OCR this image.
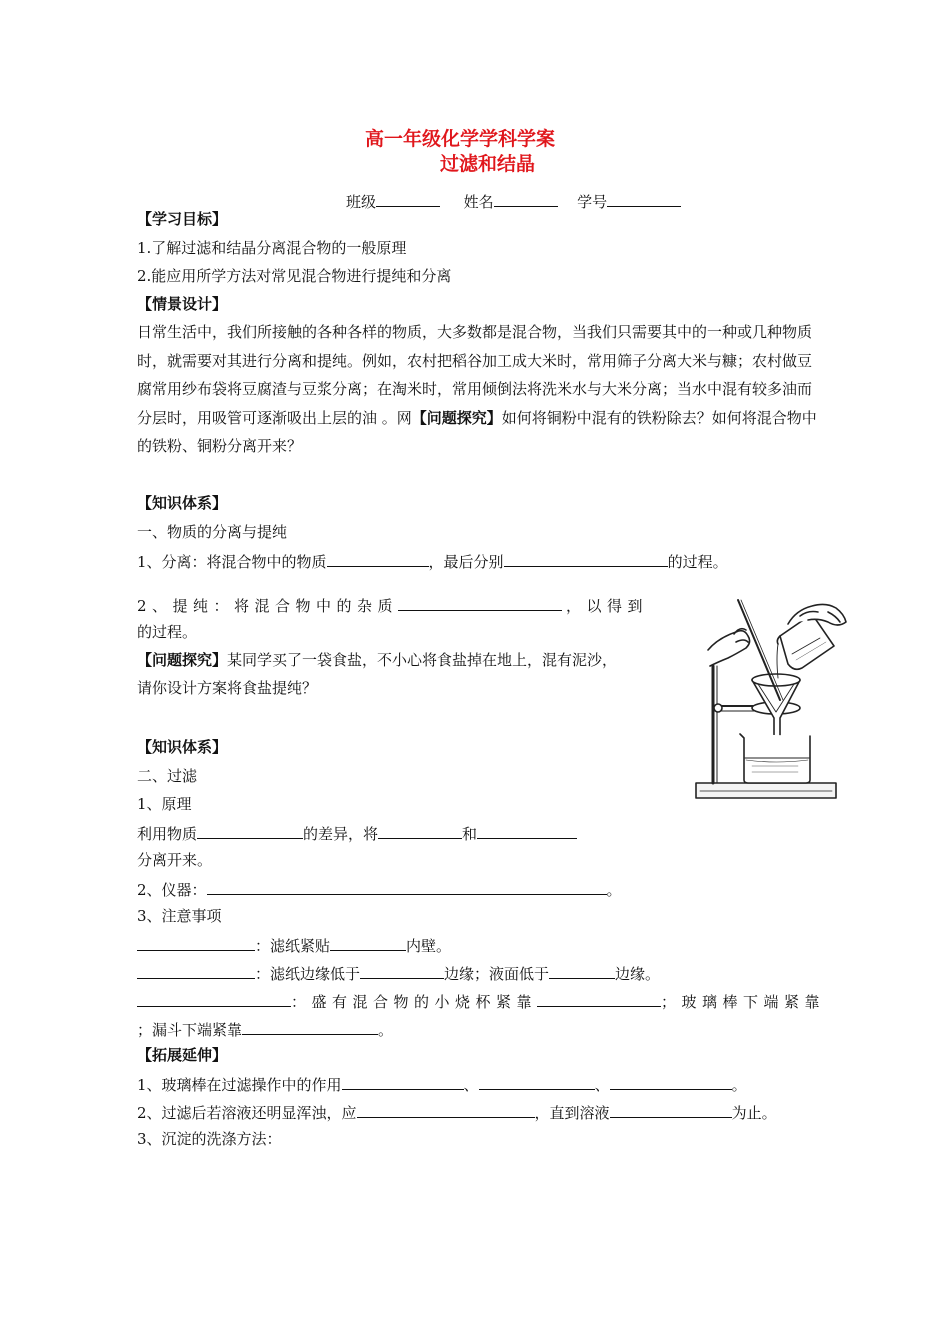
高一年级化学学科学案
过滤和结晶
班级	姓名	学号
【学习目标】
1.了解过滤和结晶分离混合物的一般原理
2.能应用所学方法对常见混合物进行提纯和分离
【情景设计】
日常生活中，我们所接触的各种各样的物质，大多数都是混合物，当我们只需要其中的一种或几种物质时，就需要对其进行分离和提纯。例如，农村把稻谷加工成大米时，常用筛子分离大米与糠；农村做豆腐常用纱布袋将豆腐渣与豆浆分离；在淘米时，常用倾倒法将洗米水与大米分离；当水中混有较多油而分层时，用吸管可逐渐吸出上层的油 。网【问题探究】如何将铜粉中混有的铁粉除去？如何将混合物中的铁粉、铜粉分离开来？
【知识体系】
一、物质的分离与提纯
1、分离：将混合物中的物质	，最后分别	的过程。
2、提纯：将混合物中的杂质	，以得到
的过程。
【问题探究】某同学买了一袋食盐，不小心将食盐掉在地上，混有泥沙，
请你设计方案将食盐提纯？
【知识体系】
二、过滤
1、原理
利用物质	的差异，将	和
分离开来。
2、仪器：	。
3、注意事项
：滤纸紧贴	内壁。
：滤纸边缘低于	边缘；液面低于	边缘。
：盛有混合物的小烧杯紧靠	；玻璃棒下端紧靠
；漏斗下端紧靠	。
【拓展延伸】
1、玻璃棒在过滤操作中的作用	、	、	。
2、过滤后若溶液还明显浑浊，应	，直到溶液	为止。
3、沉淀的洗涤方法：
